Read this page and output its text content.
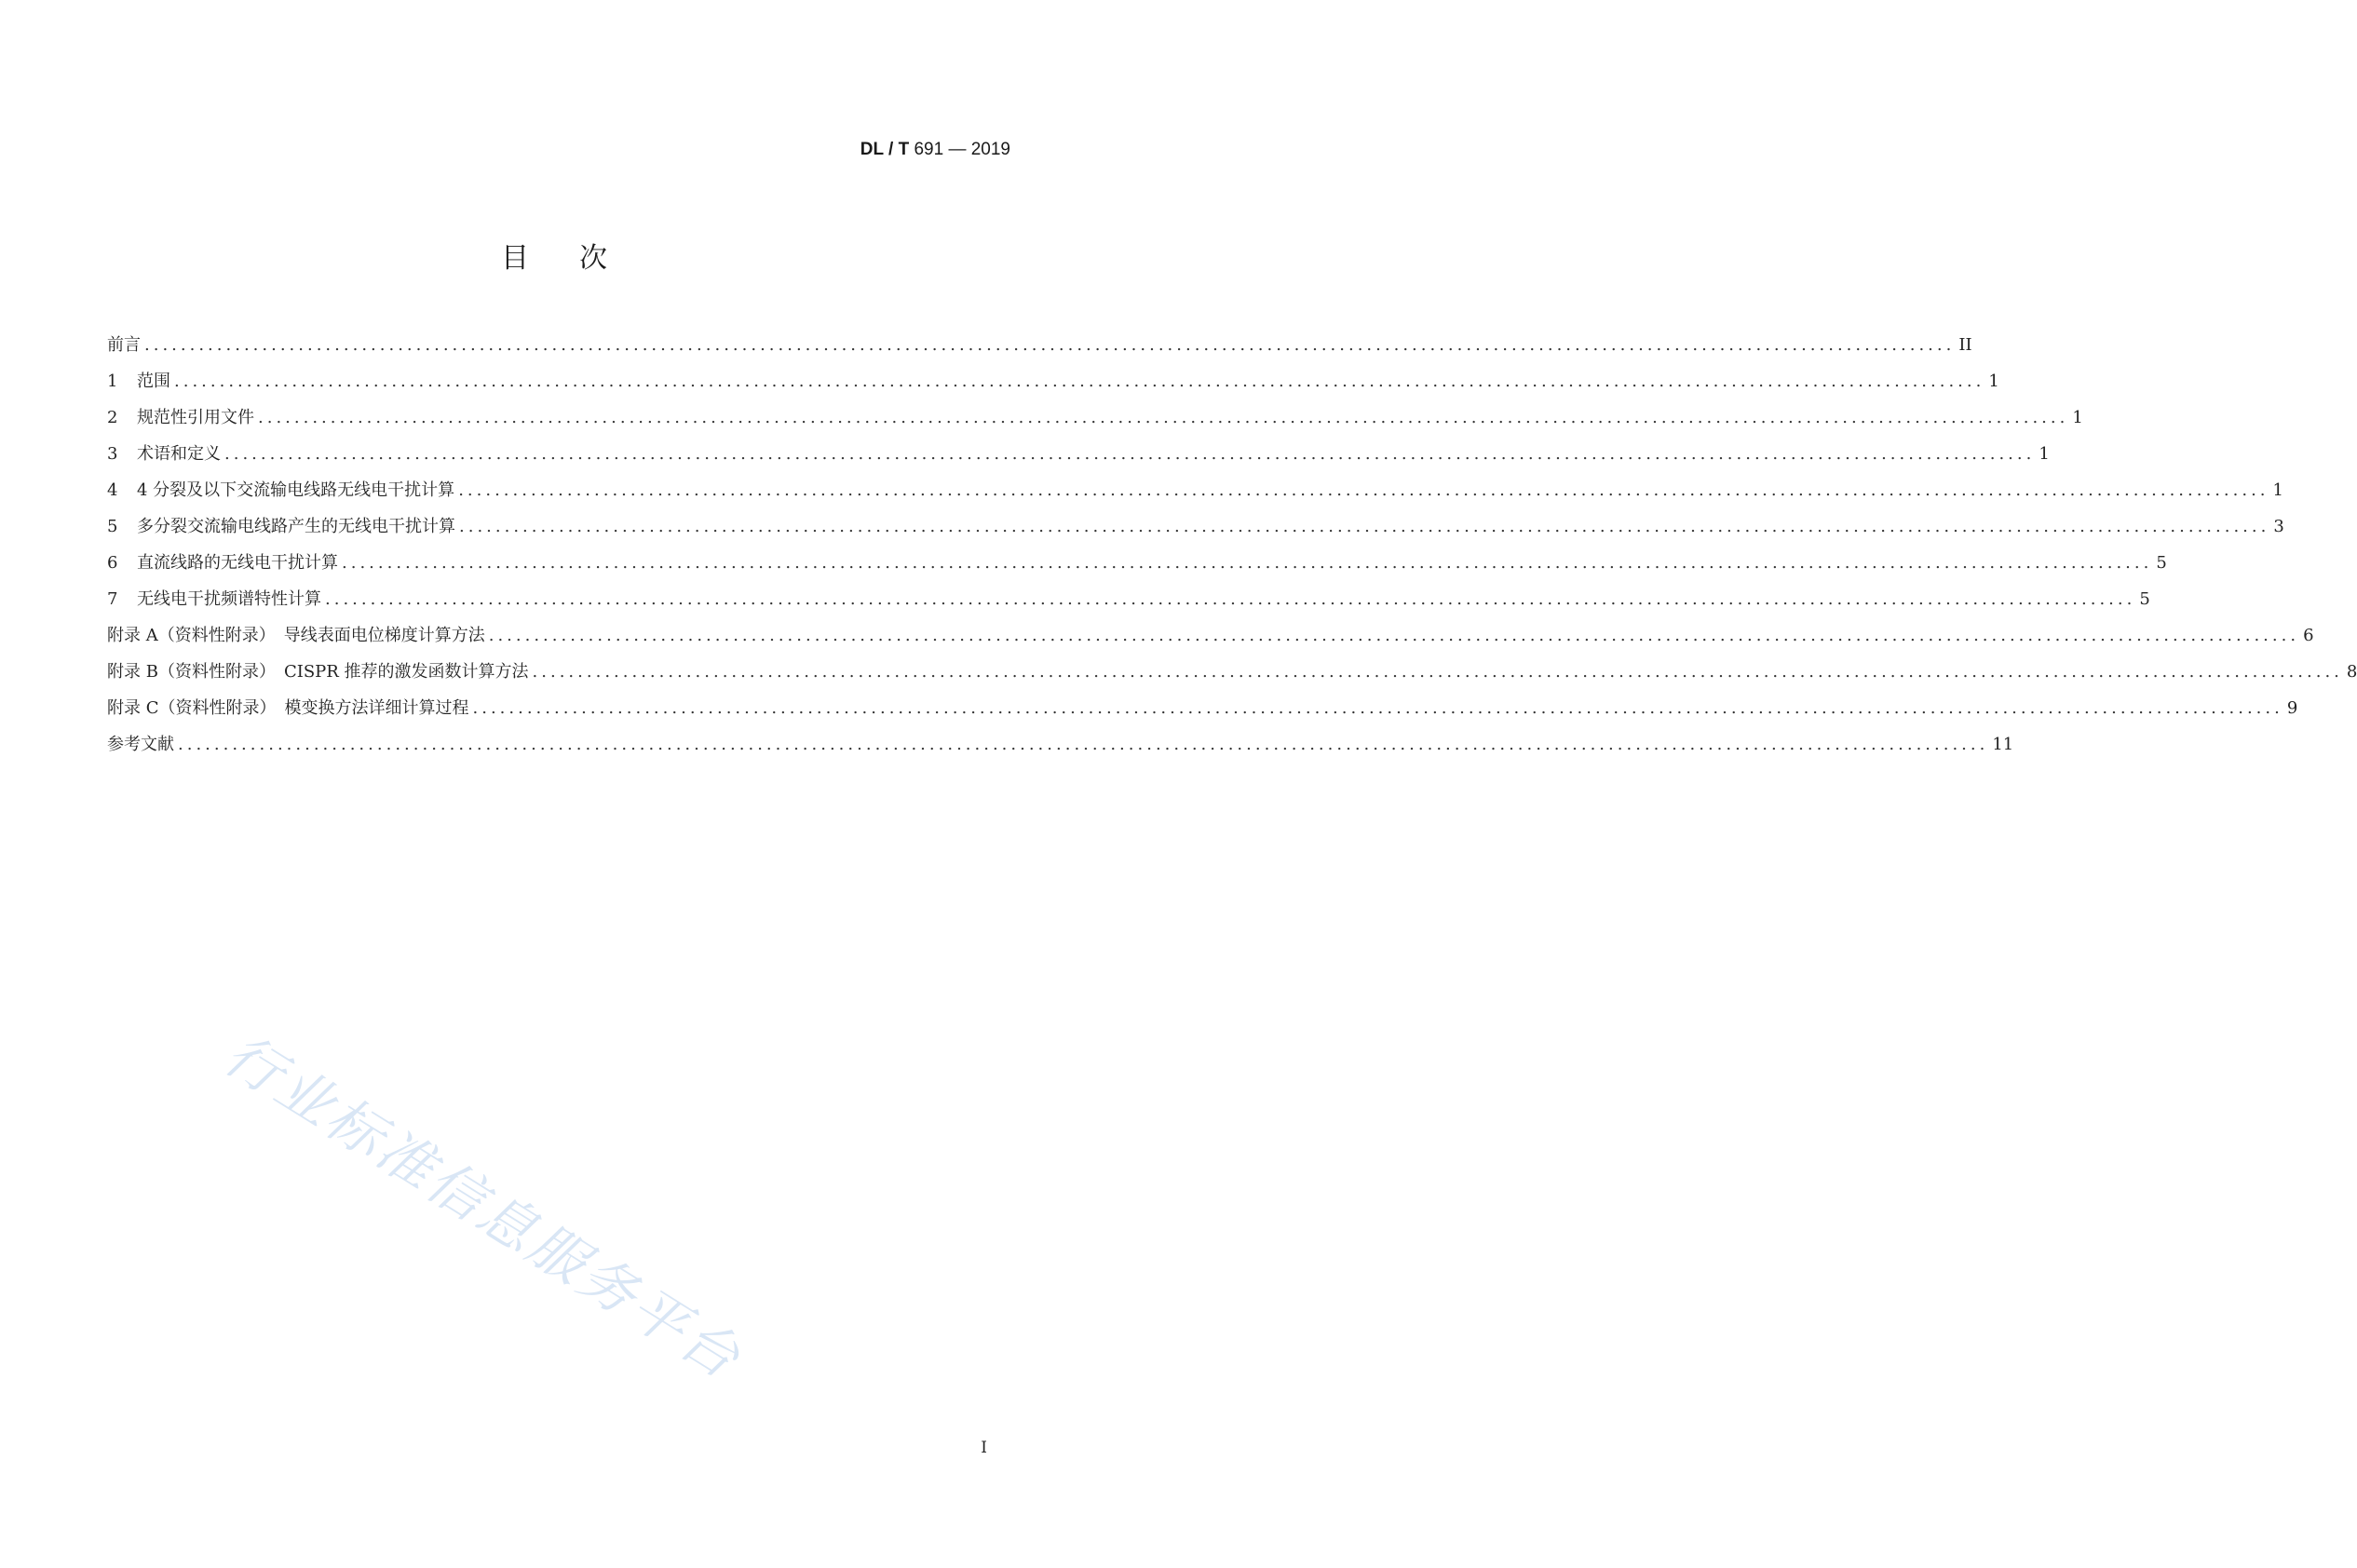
DL / T 691 — 2019
目次
前言 ........................................................................................................................................................................................................ II
1	范围 ........................................................................................................................................................................................................ 1
2	规范性引用文件 ........................................................................................................................................................................................................ 1
3	术语和定义 ........................................................................................................................................................................................................ 1
4	4 分裂及以下交流输电线路无线电干扰计算 ........................................................................................................................................................................................................ 1
5	多分裂交流输电线路产生的无线电干扰计算 ........................................................................................................................................................................................................ 3
6	直流线路的无线电干扰计算 ........................................................................................................................................................................................................ 5
7	无线电干扰频谱特性计算 ........................................................................................................................................................................................................ 5
附录 A（资料性附录）　导线表面电位梯度计算方法 ........................................................................................................................................................................................................ 6
附录 B（资料性附录）　CISPR 推荐的激发函数计算方法 ........................................................................................................................................................................................................ 8
附录 C（资料性附录）　模变换方法详细计算过程 ........................................................................................................................................................................................................ 9
参考文献 ........................................................................................................................................................................................................ 11
I
行业标准信息服务平台
